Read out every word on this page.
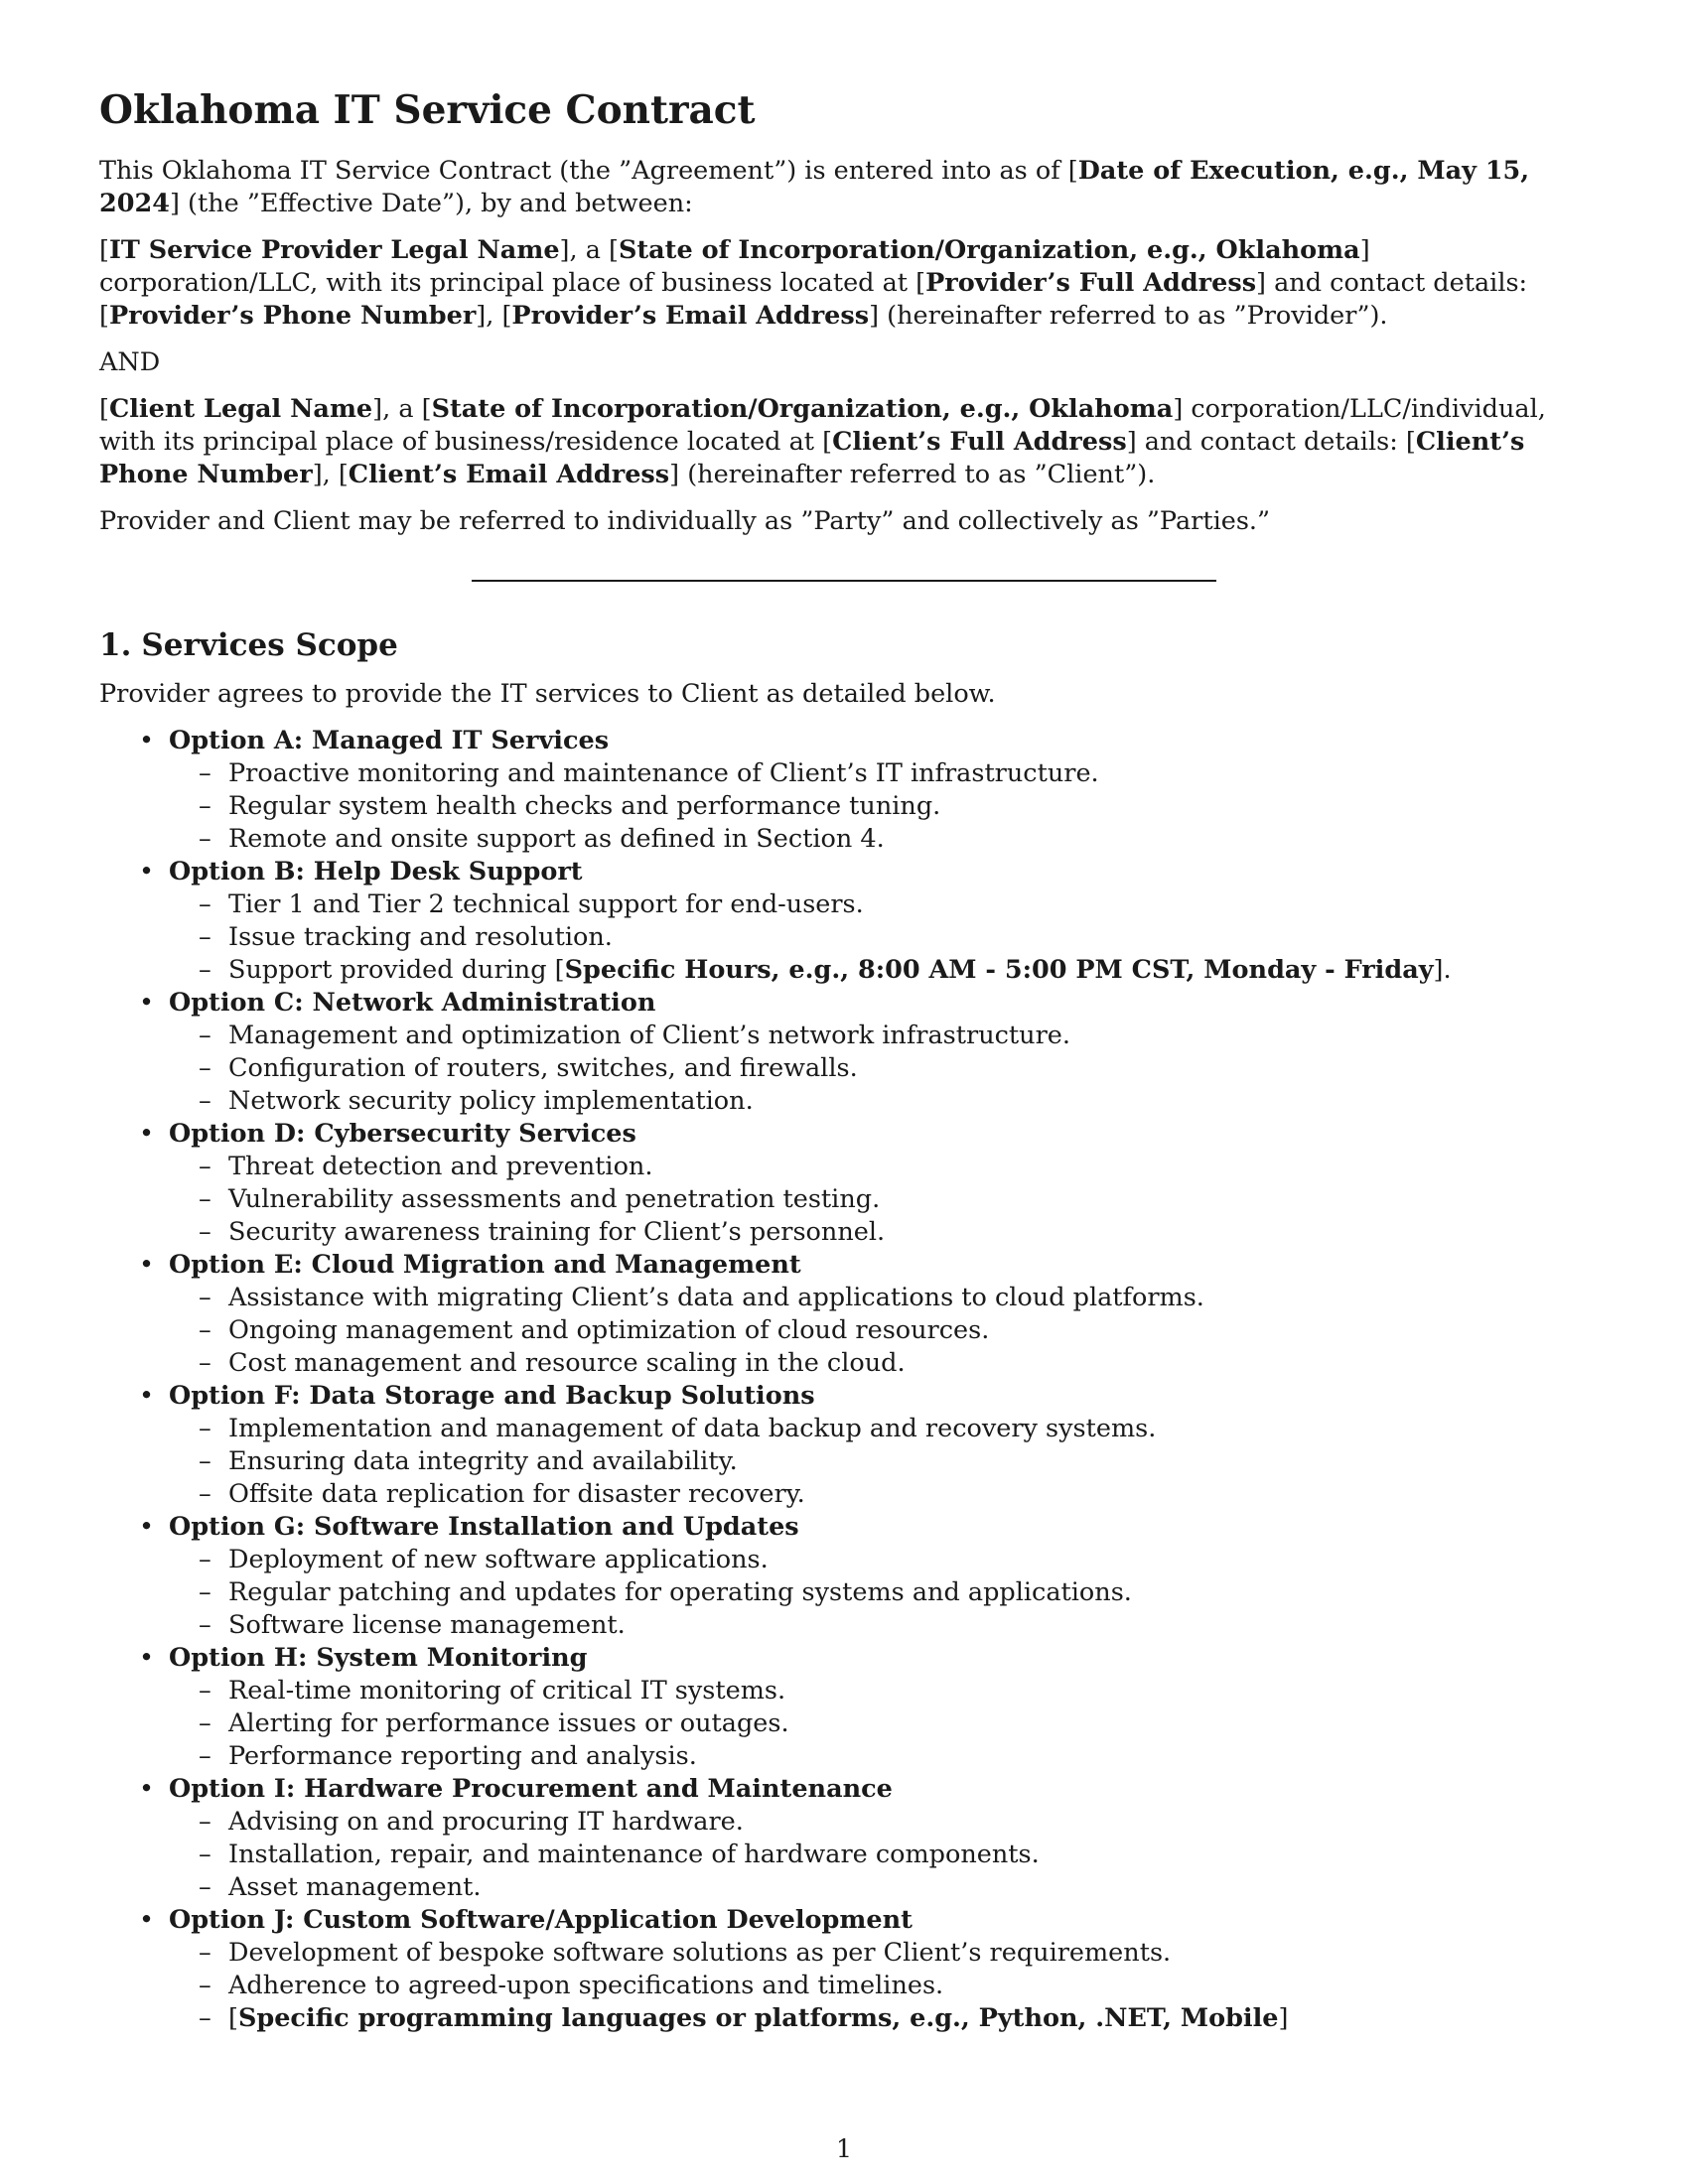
Oklahoma IT Service Contract

This Oklahoma IT Service Contract (the ”Agreement”) is entered into as of [Date of Execution, e.g., May 15, 2024] (the ”Effective Date”), by and between:

[IT Service Provider Legal Name], a [State of Incorporation/Organization, e.g., Oklahoma] corporation/LLC, with its principal place of business located at [Provider’s Full Address] and contact details: [Provider’s Phone Number], [Provider’s Email Address] (hereinafter referred to as ”Provider”).

AND

[Client Legal Name], a [State of Incorporation/Organization, e.g., Oklahoma] corporation/LLC/individual, with its principal place of business/residence located at [Client’s Full Address] and contact details: [Client’s Phone Number], [Client’s Email Address] (hereinafter referred to as ”Client”).

Provider and Client may be referred to individually as ”Party” and collectively as ”Parties.”

1. Services Scope

Provider agrees to provide the IT services to Client as detailed below.

• Option A: Managed IT Services
– Proactive monitoring and maintenance of Client’s IT infrastructure.
– Regular system health checks and performance tuning.
– Remote and onsite support as defined in Section 4.
• Option B: Help Desk Support
– Tier 1 and Tier 2 technical support for end-users.
– Issue tracking and resolution.
– Support provided during [Specific Hours, e.g., 8:00 AM - 5:00 PM CST, Monday - Friday].
• Option C: Network Administration
– Management and optimization of Client’s network infrastructure.
– Configuration of routers, switches, and firewalls.
– Network security policy implementation.
• Option D: Cybersecurity Services
– Threat detection and prevention.
– Vulnerability assessments and penetration testing.
– Security awareness training for Client’s personnel.
• Option E: Cloud Migration and Management
– Assistance with migrating Client’s data and applications to cloud platforms.
– Ongoing management and optimization of cloud resources.
– Cost management and resource scaling in the cloud.
• Option F: Data Storage and Backup Solutions
– Implementation and management of data backup and recovery systems.
– Ensuring data integrity and availability.
– Offsite data replication for disaster recovery.
• Option G: Software Installation and Updates
– Deployment of new software applications.
– Regular patching and updates for operating systems and applications.
– Software license management.
• Option H: System Monitoring
– Real-time monitoring of critical IT systems.
– Alerting for performance issues or outages.
– Performance reporting and analysis.
• Option I: Hardware Procurement and Maintenance
– Advising on and procuring IT hardware.
– Installation, repair, and maintenance of hardware components.
– Asset management.
• Option J: Custom Software/Application Development
– Development of bespoke software solutions as per Client’s requirements.
– Adherence to agreed-upon specifications and timelines.
– [Specific programming languages or platforms, e.g., Python, .NET, Mobile]
1
